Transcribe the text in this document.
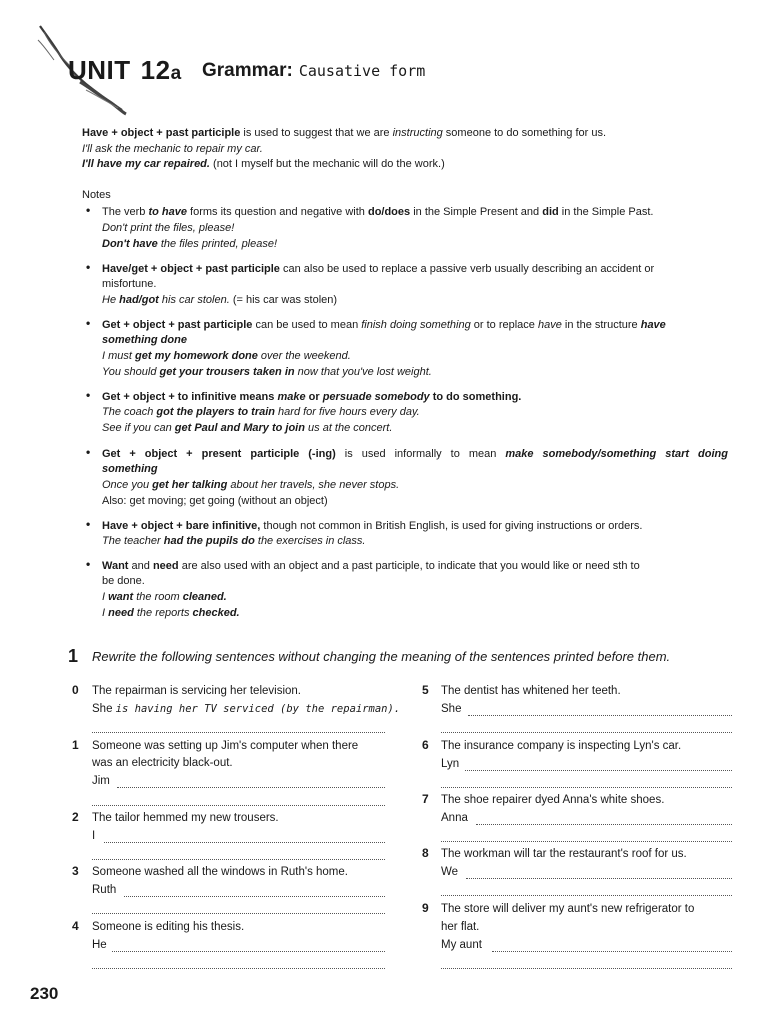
UNIT 12a Grammar: Causative form
Have + object + past participle is used to suggest that we are instructing someone to do something for us.
I'll ask the mechanic to repair my car.
I'll have my car repaired. (not I myself but the mechanic will do the work.)
Notes
• The verb to have forms its question and negative with do/does in the Simple Present and did in the Simple Past.
Don't print the files, please!
Don't have the files printed, please!
• Have/get + object + past participle can also be used to replace a passive verb usually describing an accident or
misfortune.
He had/got his car stolen. (= his car was stolen)
• Get + object + past participle can be used to mean finish doing something or to replace have in the structure have
something done
I must get my homework done over the weekend.
You should get your trousers taken in now that you've lost weight.
• Get + object + to infinitive means make or persuade somebody to do something.
The coach got the players to train hard for five hours every day.
See if you can get Paul and Mary to join us at the concert.
• Get + object + present participle (-ing) is used informally to mean make somebody/something start doing
something
Once you get her talking about her travels, she never stops.
Also: get moving; get going (without an object)
• Have + object + bare infinitive, though not common in British English, is used for giving instructions or orders.
The teacher had the pupils do the exercises in class.
• Want and need are also used with an object and a past participle, to indicate that you would like or need sth to
be done.
I want the room cleaned.
I need the reports checked.
1 Rewrite the following sentences without changing the meaning of the sentences printed before them.
0 The repairman is servicing her television.
She is having her TV serviced (by the repairman).
1 Someone was setting up Jim's computer when there
was an electricity black-out.
Jim
2 The tailor hemmed my new trousers.
I
3 Someone washed all the windows in Ruth's home.
Ruth
4 Someone is editing his thesis.
He
5 The dentist has whitened her teeth.
She
6 The insurance company is inspecting Lyn's car.
Lyn
7 The shoe repairer dyed Anna's white shoes.
Anna
8 The workman will tar the restaurant's roof for us.
We
9 The store will deliver my aunt's new refrigerator to
her flat.
My aunt
230
